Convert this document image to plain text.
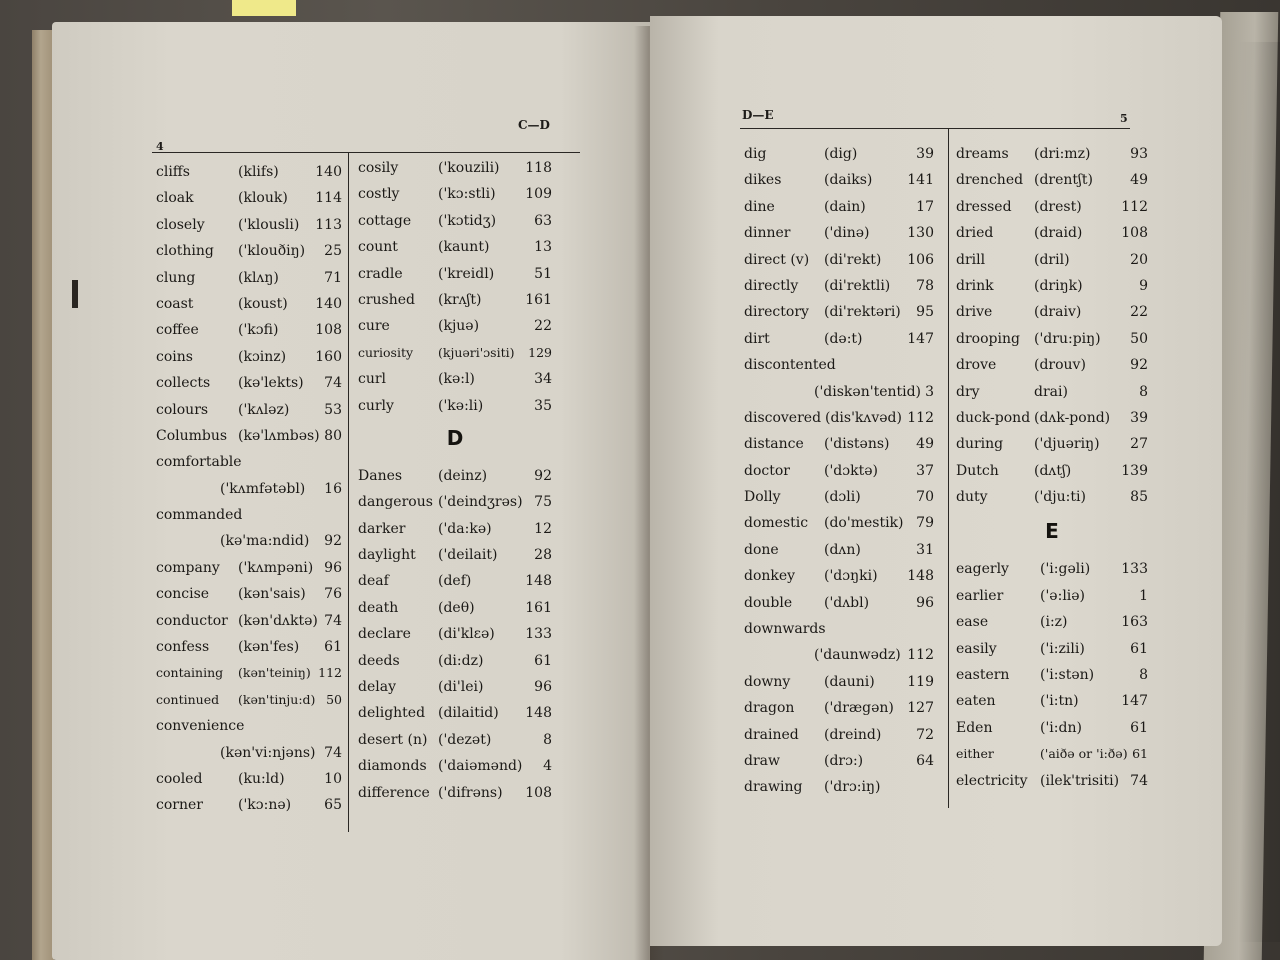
4
C—D
cliffs	(klifs)	140
cloak	(klouk) 114
closely ('klousli) 113
clothing ('klouðiŋ) 25
clung	(klʌŋ)	71
coast	(koust) 140
coffee	('kɔfi)	108
coins	(kɔinz) 160
collects (kə'lekts) 74
colours ('kʌləz) 53
Columbus (kə'lʌmbəs) 80
comfortable
('kʌmfətəbl) 16
commanded
(kə'ma:ndid) 92
company ('kʌmpəni) 96
concise (kən'sais) 76
conductor (kən'dʌktə) 74
confess (kən'fes) 61
containing (kən'teiniŋ) 112
continued (kən'tinju:d) 50
convenience
(kən'vi:njəns) 74
cooled	(ku:ld)	10
corner	('kɔ:nə) 65
cosily	('kouzili) 118
costly	('kɔ:stli) 109
cottage ('kɔtidʒ)	63
count	(kaunt)	13
cradle	('kreidl)	51
crushed (krʌʃt)	161
cure	(kjuə)	22
curiosity (kjuəri'ɔsiti) 129
curl	(kə:l)	34
curly	('kə:li)	35
D
Danes	(deinz)	92
dangerous ('deindʒrəs) 75
darker ('da:kə)	12
daylight ('deilait)	28
deaf	(def)	148
death	(deθ)	161
declare (di'klɛə) 133
deeds	(di:dz)	61
delay	(di'lei)	96
delighted (dilaitid) 148
desert (n) ('dezət)	8
diamonds ('daiəmənd) 4
difference ('difrəns) 108
D—E	5
dig	(dig)	39
dikes	(daiks) 141
dine	(dain)	17
dinner ('dinə)	130
direct (v) (di'rekt) 106
directly (di'rektli) 78
directory (di'rektəri) 95
dirt	(də:t)	147
discontented
('diskən'tentid) 3
discovered (dis'kʌvəd) 112
distance ('distəns) 49
doctor ('dɔktə)	37
Dolly	(dɔli)	70
domestic (do'mestik) 79
done	(dʌn)	31
donkey ('dɔŋki) 148
double ('dʌbl)	96
downwards
('daunwədz) 112
downy (dauni) 119
dragon ('drægən) 127
drained (dreind) 72
draw	(drɔ:)	64
drawing ('drɔ:iŋ)
dreams (dri:mz)	93
drenched (drentʃt)	49
dressed (drest)	112
dried	(draid)	108
drill	(dril)	20
drink	(driŋk)	9
drive	(draiv)	22
drooping ('dru:piŋ) 50
drove	(drouv)	92
dry	drai)	8
duck-pond (dʌk-pond) 39
during ('djuəriŋ) 27
Dutch	(dʌtʃ)	139
duty	('dju:ti)	85
E
eagerly ('i:gəli) 133
earlier	('ə:liə)	1
ease	(i:z)	163
easily	('i:zili)	61
eastern ('i:stən)	8
eaten	('i:tn)	147
Eden	('i:dn)	61
either	('aiðə or 'i:ðə) 61
electricity (ilek'trisiti) 74
